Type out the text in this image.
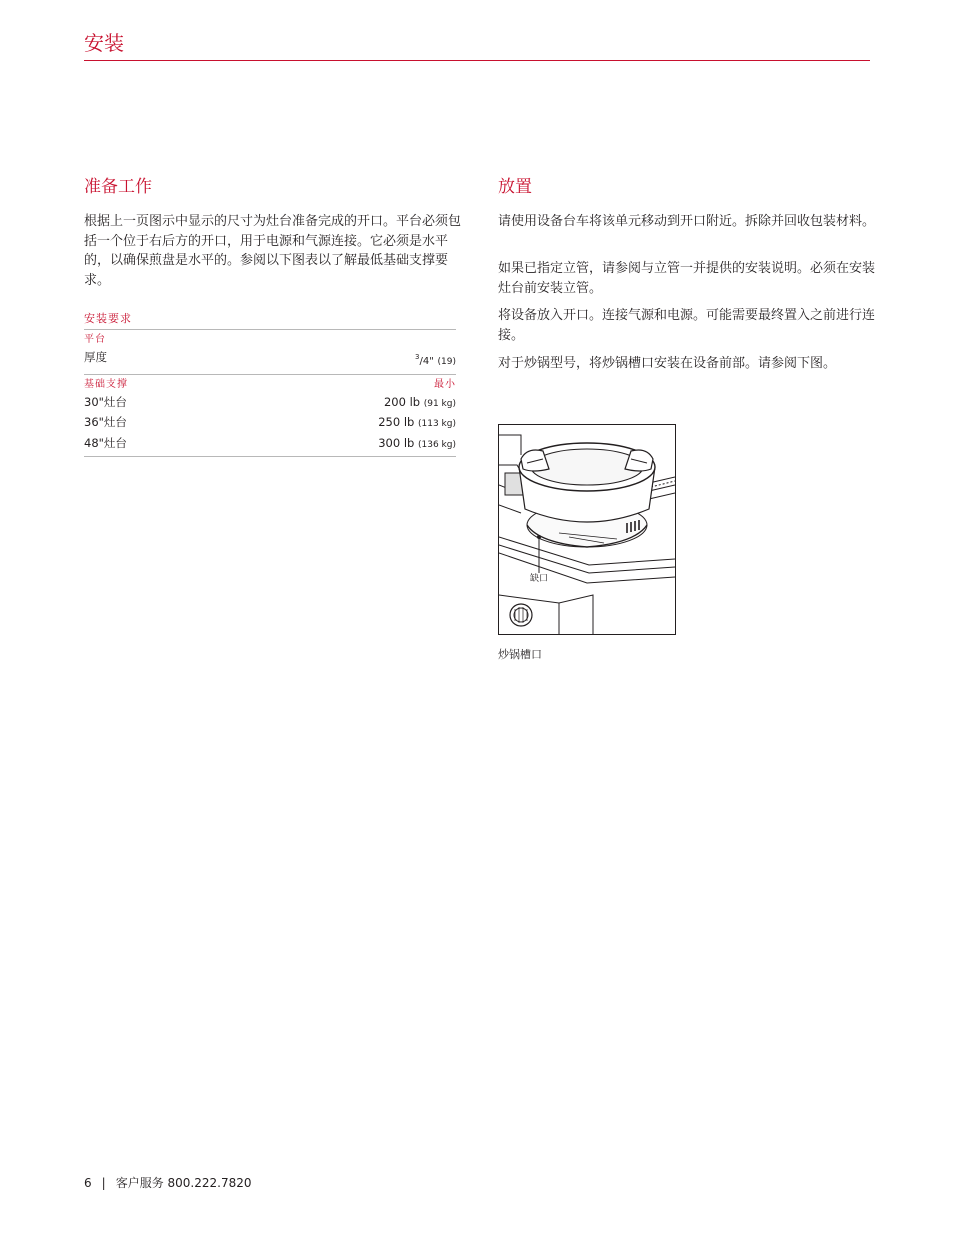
安装
准备工作

根据上一页图示中显示的尺寸为灶台准备完成的开口。平台必须包括一个位于右后方的开口，用于电源和气源连接。它必须是水平的，以确保煎盘是水平的。参阅以下图表以了解最低基础支撑要求。

安装要求
平台
厚度	$^3$/4" (19)
基础支撑	最小
30"灶台	200 lb (91 kg)
36"灶台	250 lb (113 kg)
48"灶台	300 lb (136 kg)
放置

请使用设备台车将该单元移动到开口附近。拆除并回收包装材料。

如果已指定立管，请参阅与立管一并提供的安装说明。必须在安装灶台前安装立管。

将设备放入开口。连接气源和电源。可能需要最终置入之前进行连接。

对于炒锅型号，将炒锅槽口安装在设备前部。请参阅下图。

缺口

炒锅槽口

6 | 客户服务 800.222.7820
